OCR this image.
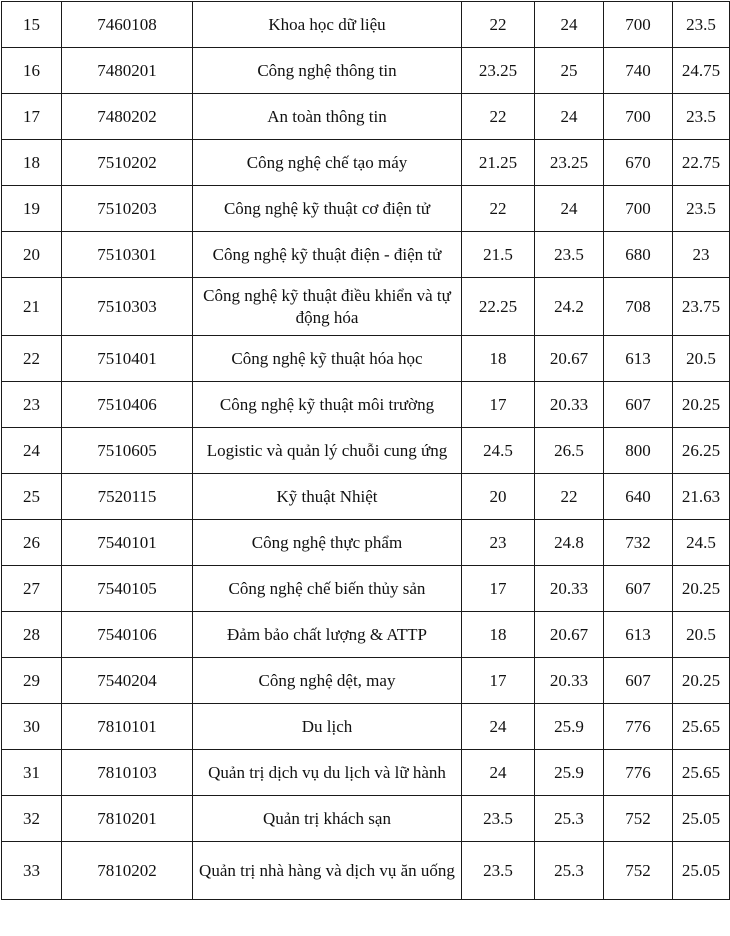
15	7460108	Khoa học dữ liệu	22	24	700	23.5
16	7480201	Công nghệ thông tin	23.25	25	740	24.75
17	7480202	An toàn thông tin	22	24	700	23.5
18	7510202	Công nghệ chế tạo máy	21.25	23.25	670	22.75
19	7510203	Công nghệ kỹ thuật cơ điện tử	22	24	700	23.5
20	7510301	Công nghệ kỹ thuật điện - điện tử	21.5	23.5	680	23
21	7510303	Công nghệ kỹ thuật điều khiển và tự động hóa	22.25	24.2	708	23.75
22	7510401	Công nghệ kỹ thuật hóa học	18	20.67	613	20.5
23	7510406	Công nghệ kỹ thuật môi trường	17	20.33	607	20.25
24	7510605	Logistic và quản lý chuỗi cung ứng	24.5	26.5	800	26.25
25	7520115	Kỹ thuật Nhiệt	20	22	640	21.63
26	7540101	Công nghệ thực phẩm	23	24.8	732	24.5
27	7540105	Công nghệ chế biến thủy sản	17	20.33	607	20.25
28	7540106	Đảm bảo chất lượng & ATTP	18	20.67	613	20.5
29	7540204	Công nghệ dệt, may	17	20.33	607	20.25
30	7810101	Du lịch	24	25.9	776	25.65
31	7810103	Quản trị dịch vụ du lịch và lữ hành	24	25.9	776	25.65
32	7810201	Quản trị khách sạn	23.5	25.3	752	25.05
33	7810202	Quản trị nhà hàng và dịch vụ ăn uống	23.5	25.3	752	25.05
